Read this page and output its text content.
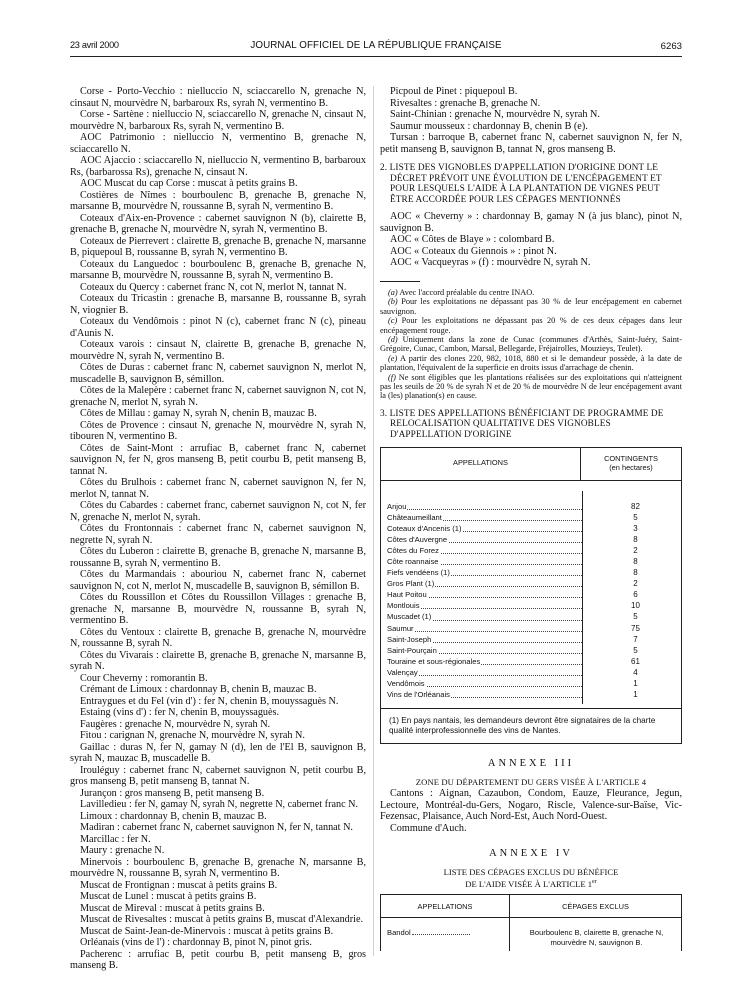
23 avril 2000	JOURNAL OFFICIEL DE LA RÉPUBLIQUE FRANÇAISE	6263

Corse - Porto-Vecchio : nielluccio N, sciaccarello N, grenache N, cinsaut N, mourvèdre N, barbaroux Rs, syrah N, vermentino B.

Corse - Sartène : nielluccio N, sciaccarello N, grenache N, cinsaut N, mourvèdre N, barbaroux Rs, syrah N, vermentino B.

AOC Patrimonio : nielluccio N, vermentino B, grenache N, sciaccarello N.

AOC Ajaccio : sciaccarello N, nielluccio N, vermentino B, barbaroux Rs, (barbarossa Rs), grenache N, cinsaut N.

AOC Muscat du cap Corse : muscat à petits grains B.

Costières de Nîmes : bourboulenc B, grenache B, grenache N, marsanne B, mourvèdre N, roussanne B, syrah N, vermentino B.

Coteaux d'Aix-en-Provence : cabernet sauvignon N (b), clairette B, grenache B, grenache N, mourvèdre N, syrah N, vermentino B.

Coteaux de Pierrevert : clairette B, grenache B, grenache N, marsanne B, piquepoul B, roussanne B, syrah N, vermentino B.

Coteaux du Languedoc : bourboulenc B, grenache B, grenache N, marsanne B, mourvèdre N, roussanne B, syrah N, vermentino B.

Coteaux du Quercy : cabernet franc N, cot N, merlot N, tannat N.

Coteaux du Tricastin : grenache B, marsanne B, roussanne B, syrah N, viognier B.

Coteaux du Vendômois : pinot N (c), cabernet franc N (c), pineau d'Aunis N.

Coteaux varois : cinsaut N, clairette B, grenache B, grenache N, mourvèdre N, syrah N, vermentino B.

Côtes de Duras : cabernet franc N, cabernet sauvignon N, merlot N, muscadelle B, sauvignon B, sémillon.

Côtes de la Malepère : cabernet franc N, cabernet sauvignon N, cot N, grenache N, merlot N, syrah N.

Côtes de Millau : gamay N, syrah N, chenin B, mauzac B.

Côtes de Provence : cinsaut N, grenache N, mourvèdre N, syrah N, tibouren N, vermentino B.

Côtes de Saint-Mont : arrufiac B, cabernet franc N, cabernet sauvignon N, fer N, gros manseng B, petit courbu B, petit manseng B, tannat N.

Côtes du Brulhois : cabernet franc N, cabernet sauvignon N, fer N, merlot N, tannat N.

Côtes du Cabardes : cabernet franc, cabernet sauvignon N, cot N, fer N, grenache N, merlot N, syrah.

Côtes du Frontonnais : cabernet franc N, cabernet sauvignon N, negrette N, syrah N.

Côtes du Luberon : clairette B, grenache B, grenache N, marsanne B, roussanne B, syrah N, vermentino B.

Côtes du Marmandais : abouriou N, cabernet franc N, cabernet sauvignon N, cot N, merlot N, muscadelle B, sauvignon B, sémillon B.

Côtes du Roussillon et Côtes du Roussillon Villages : grenache B, grenache N, marsanne B, mourvèdre N, roussanne B, syrah N, vermentino B.

Côtes du Ventoux : clairette B, grenache B, grenache N, mourvèdre N, roussanne B, syrah N.

Côtes du Vivarais : clairette B, grenache B, grenache N, marsanne B, syrah N.

Cour Cheverny : romorantin B.

Crémant de Limoux : chardonnay B, chenin B, mauzac B.

Entraygues et du Fel (vin d') : fer N, chenin B, mouyssaguès N.

Estaing (vins d') : fer N, chenin B, mouyssaguès.

Faugères : grenache N, mourvèdre N, syrah N.

Fitou : carignan N, grenache N, mourvèdre N, syrah N.

Gaillac : duras N, fer N, gamay N (d), len de l'El B, sauvignon B, syrah N, mauzac B, muscadelle B.

Irouléguy : cabernet franc N, cabernet sauvignon N, petit courbu B, gros manseng B, petit manseng B, tannat N.

Jurançon : gros manseng B, petit manseng B.

Lavilledieu : fer N, gamay N, syrah N, negrette N, cabernet franc N.

Limoux : chardonnay B, chenin B, mauzac B.

Madiran : cabernet franc N, cabernet sauvignon N, fer N, tannat N.

Marcillac : fer N.

Maury : grenache N.

Minervois : bourboulenc B, grenache B, grenache N, marsanne B, mourvèdre N, roussanne B, syrah N, vermentino B.

Muscat de Frontignan : muscat à petits grains B.

Muscat de Lunel : muscat à petits grains B.

Muscat de Mireval : muscat à petits grains B.

Muscat de Rivesaltes : muscat à petits grains B, muscat d'Alexandrie.

Muscat de Saint-Jean-de-Minervois : muscat à petits grains B.

Orléanais (vins de l') : chardonnay B, pinot N, pinot gris.

Pacherenc : arrufiac B, petit courbu B, petit manseng B, gros manseng B.

Picpoul de Pinet : piquepoul B.

Rivesaltes : grenache B, grenache N.

Saint-Chinian : grenache N, mourvèdre N, syrah N.

Saumur mousseux : chardonnay B, chenin B (e).

Tursan : barroque B, cabernet franc N, cabernet sauvignon N, fer N, petit manseng B, sauvignon B, tannat N, gros manseng B.

2. LISTE DES VIGNOBLES D'APPELLATION D'ORIGINE DONT LE DÉCRET PRÉVOIT UNE ÉVOLUTION DE L'ENCÉPAGEMENT ET POUR LESQUELS L'AIDE À LA PLANTATION DE VIGNES PEUT ÊTRE ACCORDÉE POUR LES CÉPAGES MENTIONNÉS

AOC « Cheverny » : chardonnay B, gamay N (à jus blanc), pinot N, sauvignon B.

AOC « Côtes de Blaye » : colombard B.

AOC « Coteaux du Giennois » : pinot N.

AOC « Vacqueyras » (f) : mourvèdre N, syrah N.

(a) Avec l'accord préalable du centre INAO.

(b) Pour les exploitations ne dépassant pas 30 % de leur encépagement en cabernet sauvignon.

(c) Pour les exploitations ne dépassant pas 20 % de ces deux cépages dans leur encépagement rouge.

(d) Uniquement dans la zone de Cunac (communes d'Arthès, Saint-Juéry, Saint-Grégoire, Cunac, Cambon, Marsal, Bellegarde, Fréjairolles, Mouzieys, Teulet).

(e) A partir des clones 220, 982, 1018, 880 et si le demandeur possède, à la date de plantation, l'équivalent de la superficie en droits issus d'arrachage de chenin.

(f) Ne sont éligibles que les plantations réalisées sur des exploitations qui n'atteignent pas les seuils de 20 % de syrah N et de 20 % de mourvèdre N de leur encépagement avant la (les) planation(s) en cause.

3. LISTE DES APPELLATIONS BÉNÉFICIANT DE PROGRAMME DE RELOCALISATION QUALITATIVE DES VIGNOBLES D'APPELLATION D'ORIGINE
APPELLATIONS	CONTINGENTS
(en hectares)

Anjou	82
Châteaumeillant	5
Coteaux d'Ancenis (1)	3
Côtes d'Auvergne	8
Côtes du Forez	2
Côte roannaise	8
Fiefs vendéens (1)	8
Gros Plant (1)	2
Haut Poitou	6
Montlouis	10
Muscadet (1)	5
Saumur	75
Saint-Joseph	7
Saint-Pourçain	5
Touraine et sous-régionales	61
Valençay	4
Vendômois	1
Vins de l'Orléanais	1

(1) En pays nantais, les demandeurs devront être signataires de la charte qualité interprofessionnelle des vins de Nantes.
ANNEXE III
ZONE DU DÉPARTEMENT DU GERS VISÉE À L'ARTICLE 4

Cantons : Aignan, Cazaubon, Condom, Eauze, Fleurance, Jegun, Lectoure, Montréal-du-Gers, Nogaro, Riscle, Valence-sur-Baïse, Vic-Fezensac, Plaisance, Auch Nord-Est, Auch Nord-Ouest.

Commune d'Auch.

ANNEXE IV
LISTE DES CÉPAGES EXCLUS DU BÉNÉFICE
DE L'AIDE VISÉE À L'ARTICLE 1er
APPELLATIONS	CÉPAGES EXCLUS
Bandol	Bourboulenc B, clairette B, grenache N, mourvèdre N, sauvignon B.
